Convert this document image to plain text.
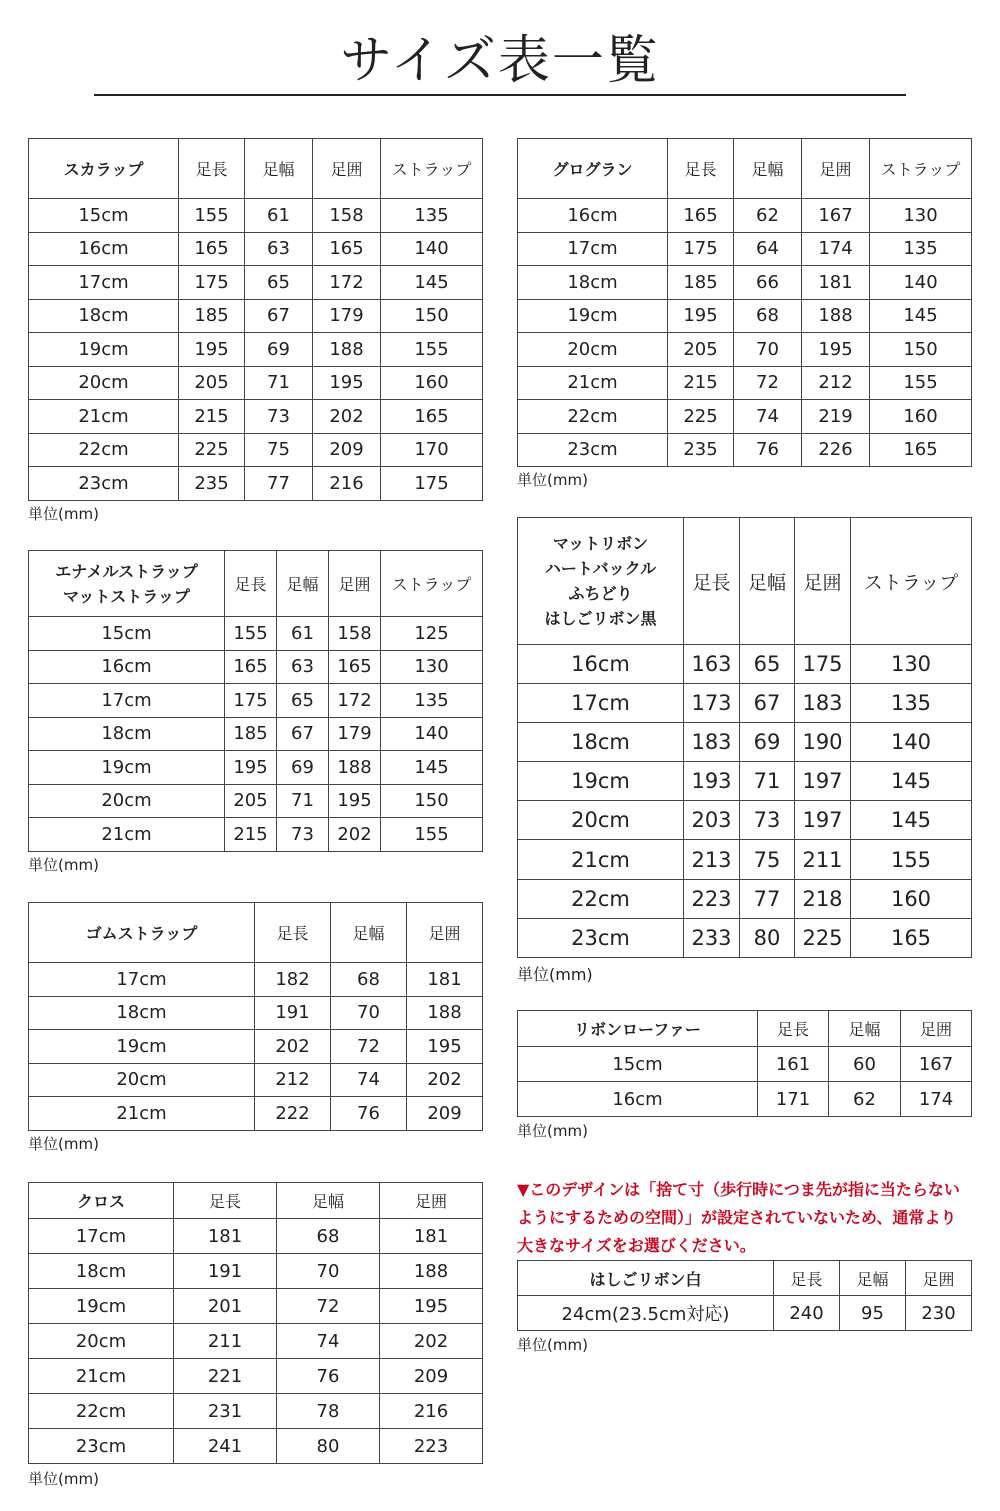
サイズ表一覧
スカラップ	足長	足幅	足囲	ストラップ
15cm	155	61	158	135
16cm	165	63	165	140
17cm	175	65	172	145
18cm	185	67	179	150
19cm	195	69	188	155
20cm	205	71	195	160
21cm	215	73	202	165
22cm	225	75	209	170
23cm	235	77	216	175
単位(mm)
グログラン	足長	足幅	足囲	ストラップ
16cm	165	62	167	130
17cm	175	64	174	135
18cm	185	66	181	140
19cm	195	68	188	145
20cm	205	70	195	150
21cm	215	72	212	155
22cm	225	74	219	160
23cm	235	76	226	165
単位(mm)
エナメルストラップ
マットストラップ	足長	足幅	足囲	ストラップ
15cm	155	61	158	125
16cm	165	63	165	130
17cm	175	65	172	135
18cm	185	67	179	140
19cm	195	69	188	145
20cm	205	71	195	150
21cm	215	73	202	155
単位(mm)
マットリボン
ハートバックル
ふちどり
はしごリボン黒	足長	足幅	足囲	ストラップ
16cm	163	65	175	130
17cm	173	67	183	135
18cm	183	69	190	140
19cm	193	71	197	145
20cm	203	73	197	145
21cm	213	75	211	155
22cm	223	77	218	160
23cm	233	80	225	165
単位(mm)
ゴムストラップ	足長	足幅	足囲
17cm	182	68	181
18cm	191	70	188
19cm	202	72	195
20cm	212	74	202
21cm	222	76	209
単位(mm)
リボンローファー	足長	足幅	足囲
15cm	161	60	167
16cm	171	62	174
単位(mm)
▼このデザインは「捨て寸（歩行時につま先が指に当たらないようにするための空間）」が設定されていないため、通常より大きなサイズをお選びください。
はしごリボン白	足長	足幅	足囲
24cm(23.5cm対応)	240	95	230
単位(mm)
クロス	足長	足幅	足囲
17cm	181	68	181
18cm	191	70	188
19cm	201	72	195
20cm	211	74	202
21cm	221	76	209
22cm	231	78	216
23cm	241	80	223
単位(mm)
